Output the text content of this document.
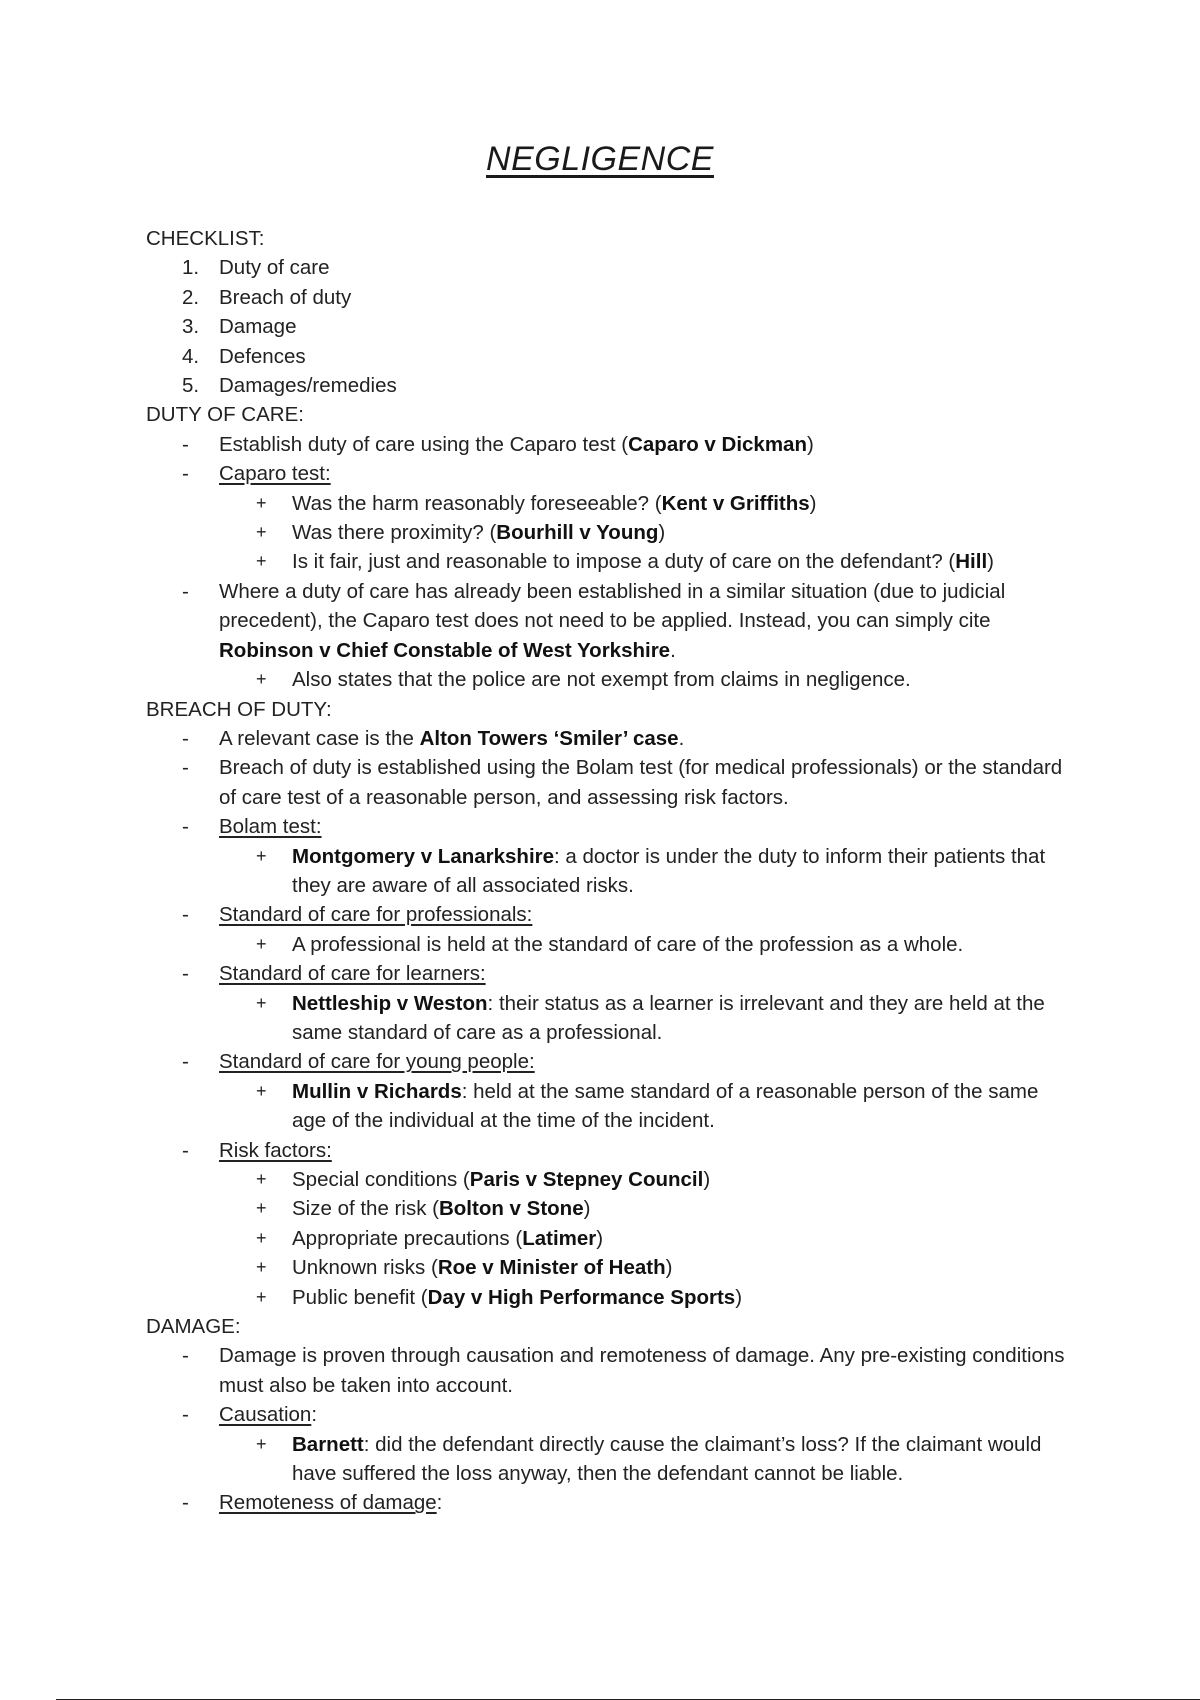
NEGLIGENCE
CHECKLIST:
1. Duty of care
2. Breach of duty
3. Damage
4. Defences
5. Damages/remedies
DUTY OF CARE:
- Establish duty of care using the Caparo test (Caparo v Dickman)
- Caparo test:
+ Was the harm reasonably foreseeable? (Kent v Griffiths)
+ Was there proximity? (Bourhill v Young)
+ Is it fair, just and reasonable to impose a duty of care on the defendant? (Hill)
- Where a duty of care has already been established in a similar situation (due to judicial precedent), the Caparo test does not need to be applied. Instead, you can simply cite Robinson v Chief Constable of West Yorkshire.
+ Also states that the police are not exempt from claims in negligence.
BREACH OF DUTY:
- A relevant case is the Alton Towers ‘Smiler’ case.
- Breach of duty is established using the Bolam test (for medical professionals) or the standard of care test of a reasonable person, and assessing risk factors.
- Bolam test:
+ Montgomery v Lanarkshire: a doctor is under the duty to inform their patients that they are aware of all associated risks.
- Standard of care for professionals:
+ A professional is held at the standard of care of the profession as a whole.
- Standard of care for learners:
+ Nettleship v Weston: their status as a learner is irrelevant and they are held at the same standard of care as a professional.
- Standard of care for young people:
+ Mullin v Richards: held at the same standard of a reasonable person of the same age of the individual at the time of the incident.
- Risk factors:
+ Special conditions (Paris v Stepney Council)
+ Size of the risk (Bolton v Stone)
+ Appropriate precautions (Latimer)
+ Unknown risks (Roe v Minister of Heath)
+ Public benefit (Day v High Performance Sports)
DAMAGE:
- Damage is proven through causation and remoteness of damage. Any pre-existing conditions must also be taken into account.
- Causation:
+ Barnett: did the defendant directly cause the claimant’s loss? If the claimant would have suffered the loss anyway, then the defendant cannot be liable.
- Remoteness of damage:
